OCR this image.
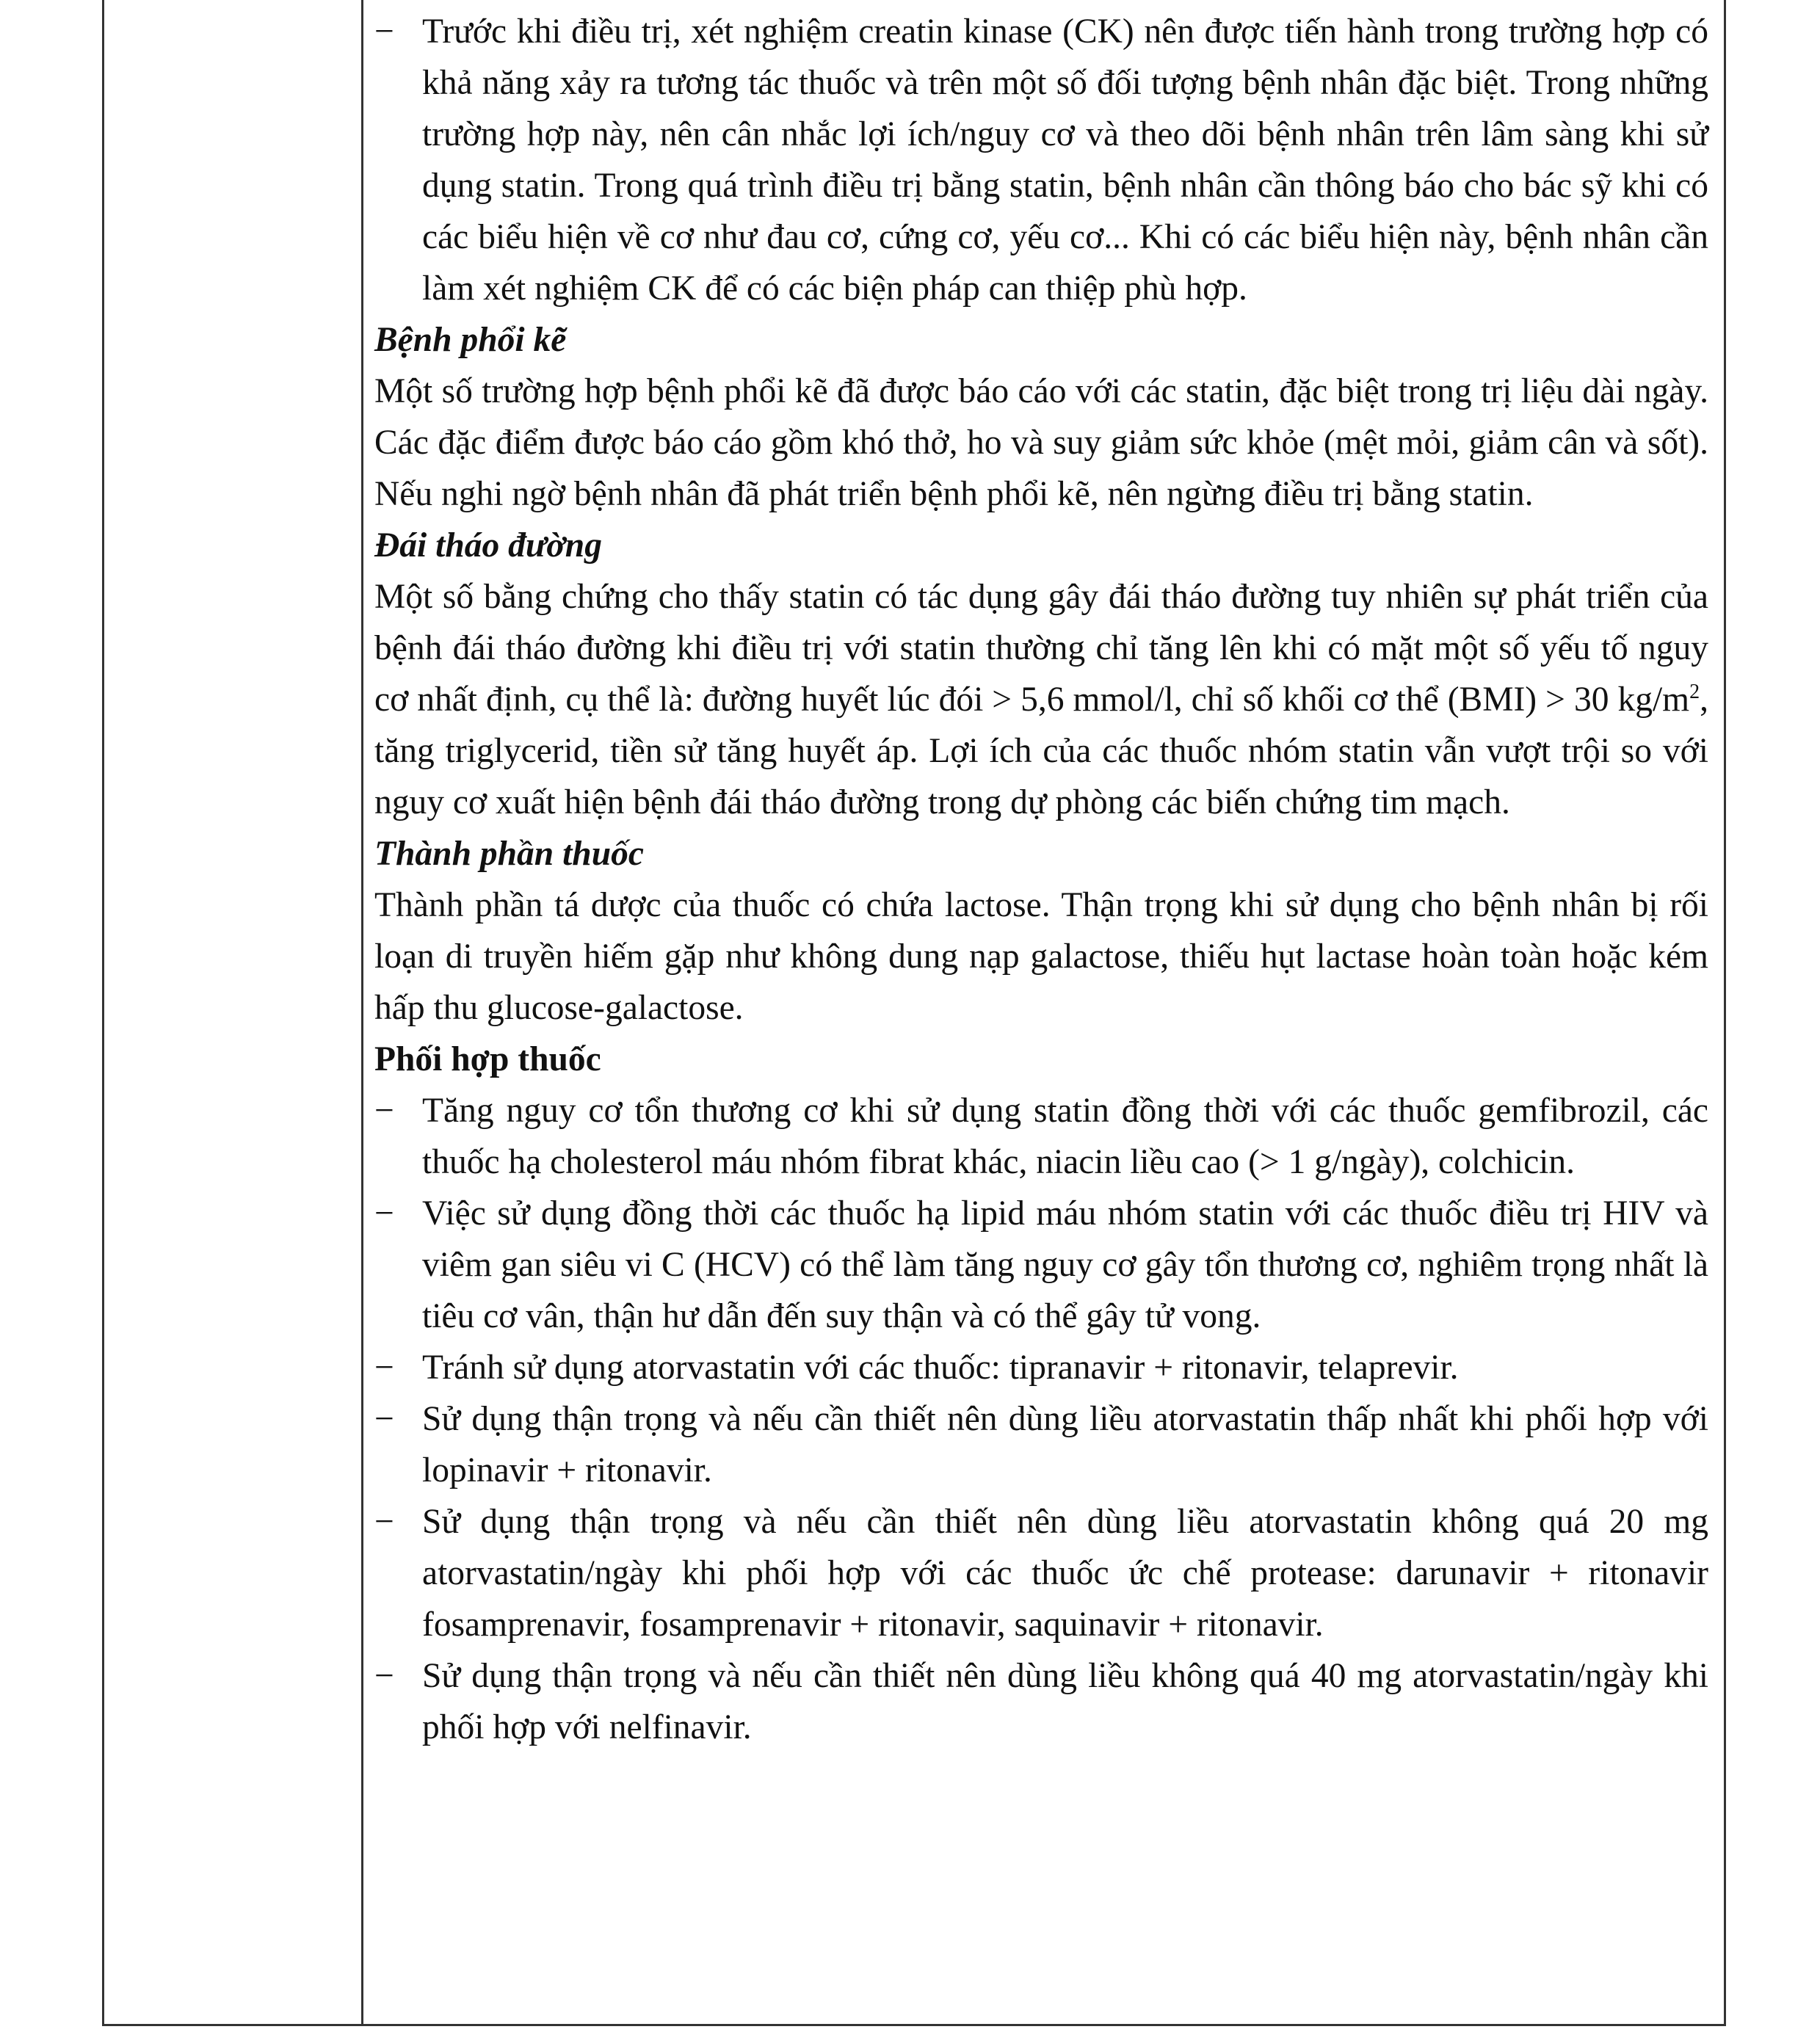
− Trước khi điều trị, xét nghiệm creatin kinase (CK) nên được tiến hành trong trường hợp có khả năng xảy ra tương tác thuốc và trên một số đối tượng bệnh nhân đặc biệt. Trong những trường hợp này, nên cân nhắc lợi ích/nguy cơ và theo dõi bệnh nhân trên lâm sàng khi sử dụng statin. Trong quá trình điều trị bằng statin, bệnh nhân cần thông báo cho bác sỹ khi có các biểu hiện về cơ như đau cơ, cứng cơ, yếu cơ... Khi có các biểu hiện này, bệnh nhân cần làm xét nghiệm CK để có các biện pháp can thiệp phù hợp.
Bệnh phổi kẽ
Một số trường hợp bệnh phổi kẽ đã được báo cáo với các statin, đặc biệt trong trị liệu dài ngày. Các đặc điểm được báo cáo gồm khó thở, ho và suy giảm sức khỏe (mệt mỏi, giảm cân và sốt). Nếu nghi ngờ bệnh nhân đã phát triển bệnh phổi kẽ, nên ngừng điều trị bằng statin.
Đái tháo đường
Một số bằng chứng cho thấy statin có tác dụng gây đái tháo đường tuy nhiên sự phát triển của bệnh đái tháo đường khi điều trị với statin thường chỉ tăng lên khi có mặt một số yếu tố nguy cơ nhất định, cụ thể là: đường huyết lúc đói > 5,6 mmol/l, chỉ số khối cơ thể (BMI) > 30 $kg/m^2$, tăng triglycerid, tiền sử tăng huyết áp. Lợi ích của các thuốc nhóm statin vẫn vượt trội so với nguy cơ xuất hiện bệnh đái tháo đường trong dự phòng các biến chứng tim mạch.
Thành phần thuốc
Thành phần tá dược của thuốc có chứa lactose. Thận trọng khi sử dụng cho bệnh nhân bị rối loạn di truyền hiếm gặp như không dung nạp galactose, thiếu hụt lactase hoàn toàn hoặc kém hấp thu glucose-galactose.
Phối hợp thuốc
− Tăng nguy cơ tổn thương cơ khi sử dụng statin đồng thời với các thuốc gemfibrozil, các thuốc hạ cholesterol máu nhóm fibrat khác, niacin liều cao (> 1 g/ngày), colchicin.
− Việc sử dụng đồng thời các thuốc hạ lipid máu nhóm statin với các thuốc điều trị HIV và viêm gan siêu vi C (HCV) có thể làm tăng nguy cơ gây tổn thương cơ, nghiêm trọng nhất là tiêu cơ vân, thận hư dẫn đến suy thận và có thể gây tử vong.
− Tránh sử dụng atorvastatin với các thuốc: tipranavir + ritonavir, telaprevir.
− Sử dụng thận trọng và nếu cần thiết nên dùng liều atorvastatin thấp nhất khi phối hợp với lopinavir + ritonavir.
− Sử dụng thận trọng và nếu cần thiết nên dùng liều atorvastatin không quá 20 mg atorvastatin/ngày khi phối hợp với các thuốc ức chế protease: darunavir + ritonavir fosamprenavir, fosamprenavir + ritonavir, saquinavir + ritonavir.
− Sử dụng thận trọng và nếu cần thiết nên dùng liều không quá 40 mg atorvastatin/ngày khi phối hợp với nelfinavir.
